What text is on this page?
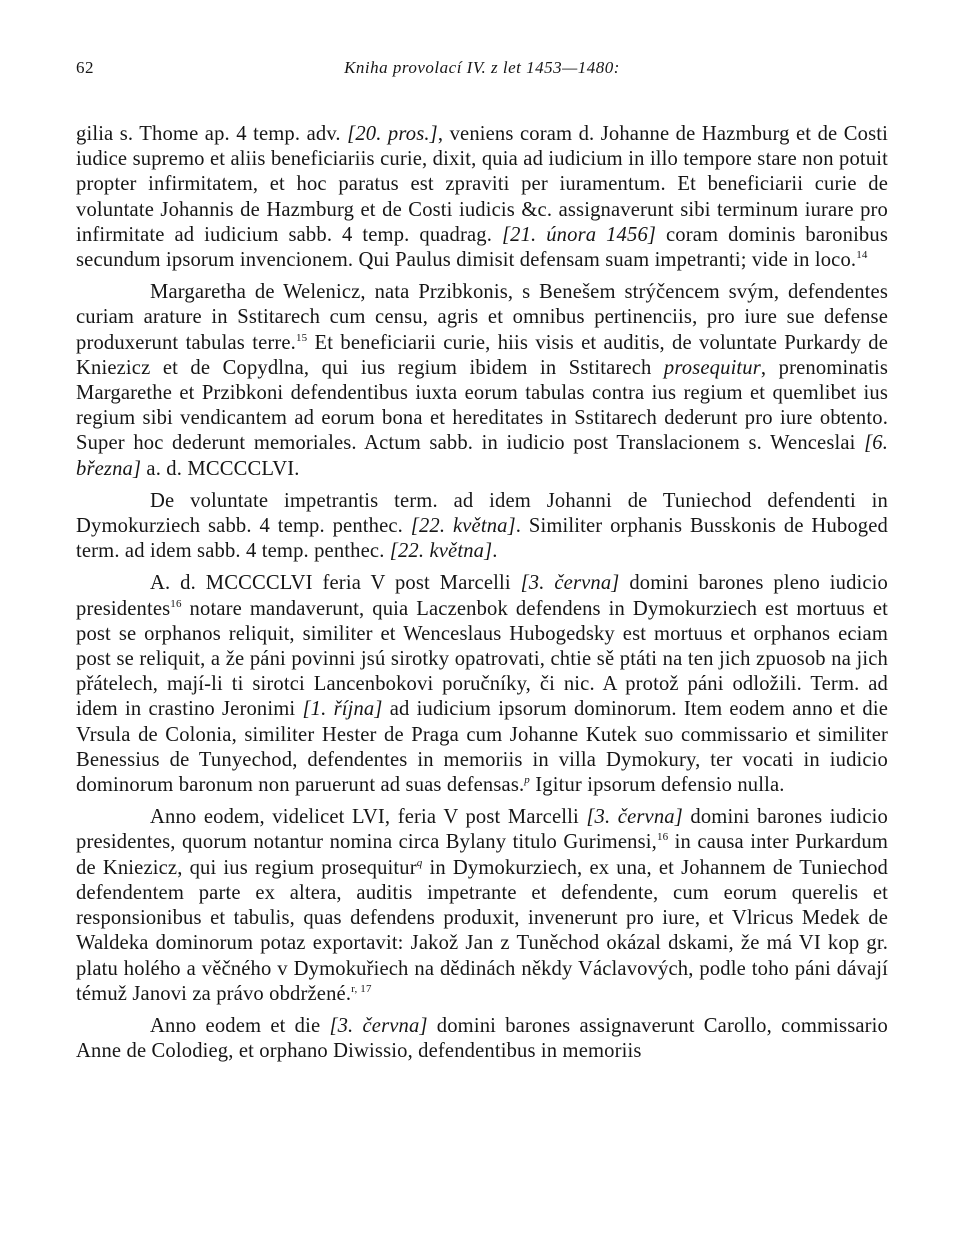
62	Kniha provolací IV. z let 1453—1480:

gilia s. Thome ap. 4 temp. adv. [20. pros.], veniens coram d. Johanne de Hazmburg et de Costi iudice supremo et aliis beneficiariis curie, dixit, quia ad iudicium in illo tempore stare non potuit propter infirmitatem, et hoc paratus est zpraviti per iuramentum. Et beneficiarii curie de voluntate Johannis de Hazmburg et de Costi iudicis &c. assignaverunt sibi terminum iurare pro infirmitate ad iudicium sabb. 4 temp. quadrag. [21. února 1456] coram dominis baronibus secundum ipsorum invencionem. Qui Paulus dimisit defensam suam impetranti; vide in loco.$^{14}$

Margaretha de Welenicz, nata Przibkonis, s Benešem strýčencem svým, defendentes curiam arature in Sstitarech cum censu, agris et omnibus pertinenciis, pro iure sue defense produxerunt tabulas terre.$^{15}$ Et beneficiarii curie, hiis visis et auditis, de voluntate Purkardy de Kniezicz et de Copydlna, qui ius regium ibidem in Sstitarech prosequitur, prenominatis Margarethe et Przibkoni defendentibus iuxta eorum tabulas contra ius regium et quemlibet ius regium sibi vendicantem ad eorum bona et hereditates in Sstitarech dederunt pro iure obtento. Super hoc dederunt memoriales. Actum sabb. in iudicio post Translacionem s. Wenceslai [6. března] a. d. MCCCCLVI.

De voluntate impetrantis term. ad idem Johanni de Tuniechod defendenti in Dymokurziech sabb. 4 temp. penthec. [22. května]. Similiter orphanis Busskonis de Huboged term. ad idem sabb. 4 temp. penthec. [22. května].

A. d. MCCCCLVI feria V post Marcelli [3. června] domini barones pleno iudicio presidentes$^{16}$ notare mandaverunt, quia Laczenbok defendens in Dymokurziech est mortuus et post se orphanos reliquit, similiter et Wenceslaus Hubogedsky est mortuus et orphanos eciam post se reliquit, a že páni povinni jsú sirotky opatrovati, chtie sě ptáti na ten jich zpuosob na jich přátelech, mají-li ti sirotci Lancenbokovi poručníky, či nic. A protož páni odložili. Term. ad idem in crastino Jeronimi [1. října] ad iudicium ipsorum dominorum. Item eodem anno et die Vrsula de Colonia, similiter Hester de Praga cum Johanne Kutek suo commissario et similiter Benessius de Tunyechod, defendentes in memoriis in villa Dymokury, ter vocati in iudicio dominorum baronum non paruerunt ad suas defensas.$^p$ Igitur ipsorum defensio nulla.

Anno eodem, videlicet LVI, feria V post Marcelli [3. června] domini barones iudicio presidentes, quorum notantur nomina circa Bylany titulo Gurimensi,$^{16}$ in causa inter Purkardum de Kniezicz, qui ius regium prosequitur$^q$ in Dymokurziech, ex una, et Johannem de Tuniechod defendentem parte ex altera, auditis impetrante et defendente, cum eorum querelis et responsionibus et tabulis, quas defendens produxit, invenerunt pro iure, et Vlricus Medek de Waldeka dominorum potaz exportavit: Jakož Jan z Tuněchod okázal dskami, že má VI kop gr. platu holého a věčného v Dymokuřiech na dědinách někdy Václavových, podle toho páni dávají témuž Janovi za právo obdržené.$^{r, 17}$

Anno eodem et die [3. června] domini barones assignaverunt Carollo, commissario Anne de Colodieg, et orphano Diwissio, defendentibus in memoriis
